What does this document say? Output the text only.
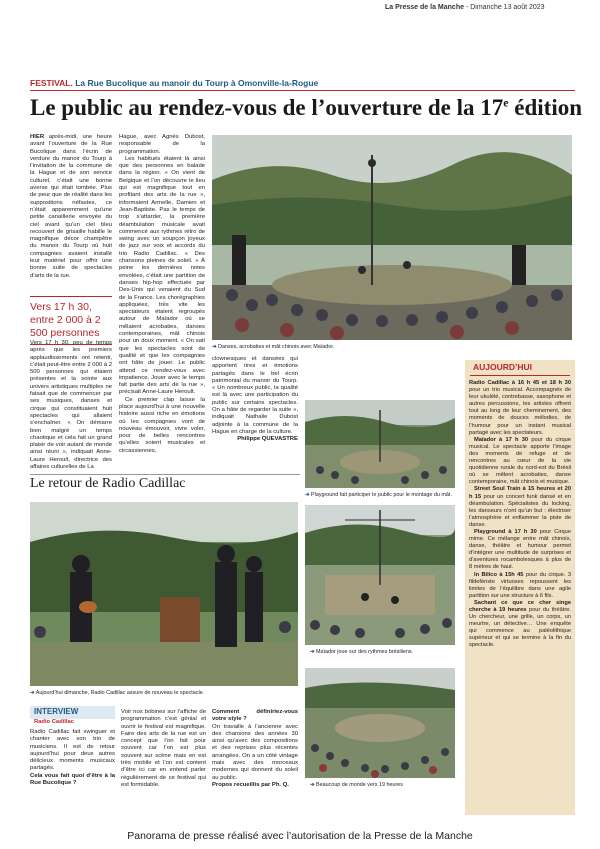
La Presse de la Manche - Dimanche 13 août 2023
FESTIVAL. La Rue Bucolique au manoir du Tourp à Omonville-la-Rogue
Le public au rendez-vous de l’ouverture de la 17e édition

HIER après-midi, une heure avant l’ouverture de la Rue Bucolique dans l’écrin de verdure du manoir du Tourp à l’invitation de la commune de la Hague et de son service culturel, c’était une bonne averse qui était tombée. Plus de peur que de réalité dans les suppositions néfastes, ce n’était apparemment qu’une petite canaillerie envoyée du ciel avant qu’un ciel bleu recouvert de grisaille habille le magnifique décor champêtre du manoir du Tourp où huit compagnies avaient installé leur matériel pour offrir une bonne suite de spectacles d’arts de la rue.

Vers 17 h 30, entre 2 000 à 2 500 personnes

Vers 17 h 30, peu de temps après que les premiers applaudissements ont retenti, c’était peut-être entre 2 000 à 2 500 personnes qui étaient présentes et la soirée aux univers artistiques multiples ne faisait que de commencer par ses musiques, danses et cirque qui constituaient huit spectacles qui allaient s’enchaîner. « On démarre bien malgré un temps chaotique et cela fait un grand plaisir de voir autant de monde ainsi réuni », indiquait Anne-Laure Heroult, directrice des affaires culturelles de La

Hague, avec Agnès Dubost, responsable de la programmation.

Les habitués étaient là ainsi que des personnes en balade dans la région. « On vient de Belgique et l’on découvre le lieu qui est magnifique tout en profitant des arts de la rue », informaient Armelle, Damien et Jean-Baptiste. Pas le temps de trop s’attarder, la première déambulation musicale avait commencé aux rythmes rétro de swing avec un soupçon joyeux de jazz sur voix et accords du trio Radio Cadillac. « Des chansons pleines de soleil. » À peine les dernières notes envolées, c’était une partition de danses hip-hop effectuée par Des-Unis qui venaient du Sud de la France. Les chorégraphies appliquées, très vite les spectateurs étaient regroupés autour de Maïador où se mêlaient acrobaties, danses contemporaines, mât chinois pour un doux moment. « On sait que les spectacles sont de qualité et que les compagnies ont hâte de jouer. Le public attend ce rendez-vous avec impatience. Jouer avec le temps fait partie des arts de la rue », précisait Anne-Laure Heroult.

Ce premier clap laisse la place aujourd’hui à une nouvelle histoire aussi riche en émotions où les compagnies vont de nouveau émouvoir, vivre voler, pour de belles rencontres qu’elles soient musicales et circassiennes,

➔ Danses, acrobaties et mât chinois avec Maïador.

clownesques et dansées qui apportent rires et émotions partagés dans le bel écrin patrimonial du manoir du Tourp. « Un nombreux public, la qualité est là avec une participation du public sur certains spectacles. On a hâte de regarder la suite », indiquait Nathalie Dubost adjointe à la commune de la Hague en charge de la culture.

Philippe QUEVASTRE

➔ Playground fait participer le public pour le montage du mât.
➔ Maïador joue sur des rythmes brésiliens.
➔ Beaucoup de monde vers 19 heures
Le retour de Radio Cadillac
➔ Aujourd’hui dimanche, Radio Cadillac assure de nouveau le spectacle.
INTERVIEW
Radio Cadillac

Radio Cadillac fait swinguer et chanter avec son trio de musiciens. Il est de retour aujourd’hui pour deux autres délicieux moments musicaux partagés.

Cela vous fait quoi d’être à la Rue Bucolique ?

Voir nos bobines sur l’affiche de programmation c’est génial et ouvrir le festival est magnifique. Faire des arts de la rue est un concept que l’on fait pour souvent car l’on est plus souvent sur scène mais en est très mobile et l’on est content d’être ici car en entend parler régulièrement de ce festival qui est formidable.

Comment définiriez-vous votre style ?

On travaille à l’ancienne avec des chansons des années 30 ainsi qu’avec des compositions et des reprises plus récentes arrangées. On a un côté vintage mais avec des morceaux modernes qui donnent du soleil au public.

Propos recueillis par Ph. Q.

AUJOURD’HUI

Radio Cadillac à 16 h 45 et 18 h 30 pour un trio musical. Accompagnés de leur ukulélé, contrebasse, saxophone et autres percussions, les artistes offrent tout au long de leur cheminement, des moments de douces mélodies, de l’humour pour un instant musical partagé avec les spectateurs.

Maïador à 17 h 30 pour du cirque musical. Le spectacle apporte l’image des moments de refuge et de rencontres au cœur de la vie quotidienne rurale du nord-est du Brésil où se mêlent acrobaties, danse contemporaine, mât chinois et musique.

Street Soul Train à 15 heures et 20 h 15 pour un concert funk dansé et en déambulation. Spécialistes du locking, les danseurs n’ont qu’un but : électriser l’atmosphère et enflammer la piste de danse.

Playground à 17 h 30 pour Cirque mime. Ce mélange entre mât chinois, danse, théâtre et humour permet d’intégrer une multitude de surprises et d’aventures rocambolesques à plus de 8 mètres de haut.

In Bilico à 15h 45 pour du cirque. 3 fildefériste virtuoses repoussent les limites de l’équilibre dans une agile partition sur une structure à 6 fils.

Sachant ce que ce cher singe cherche à 19 heures pour du théâtre. Un chercheur, une grille, un corps, un meurtre, un détective… Une enquête qui commence au paléolithique supérieur et qui se termine à la fin du spectacle.

Panorama de presse réalisé avec l’autorisation de la Presse de la Manche
